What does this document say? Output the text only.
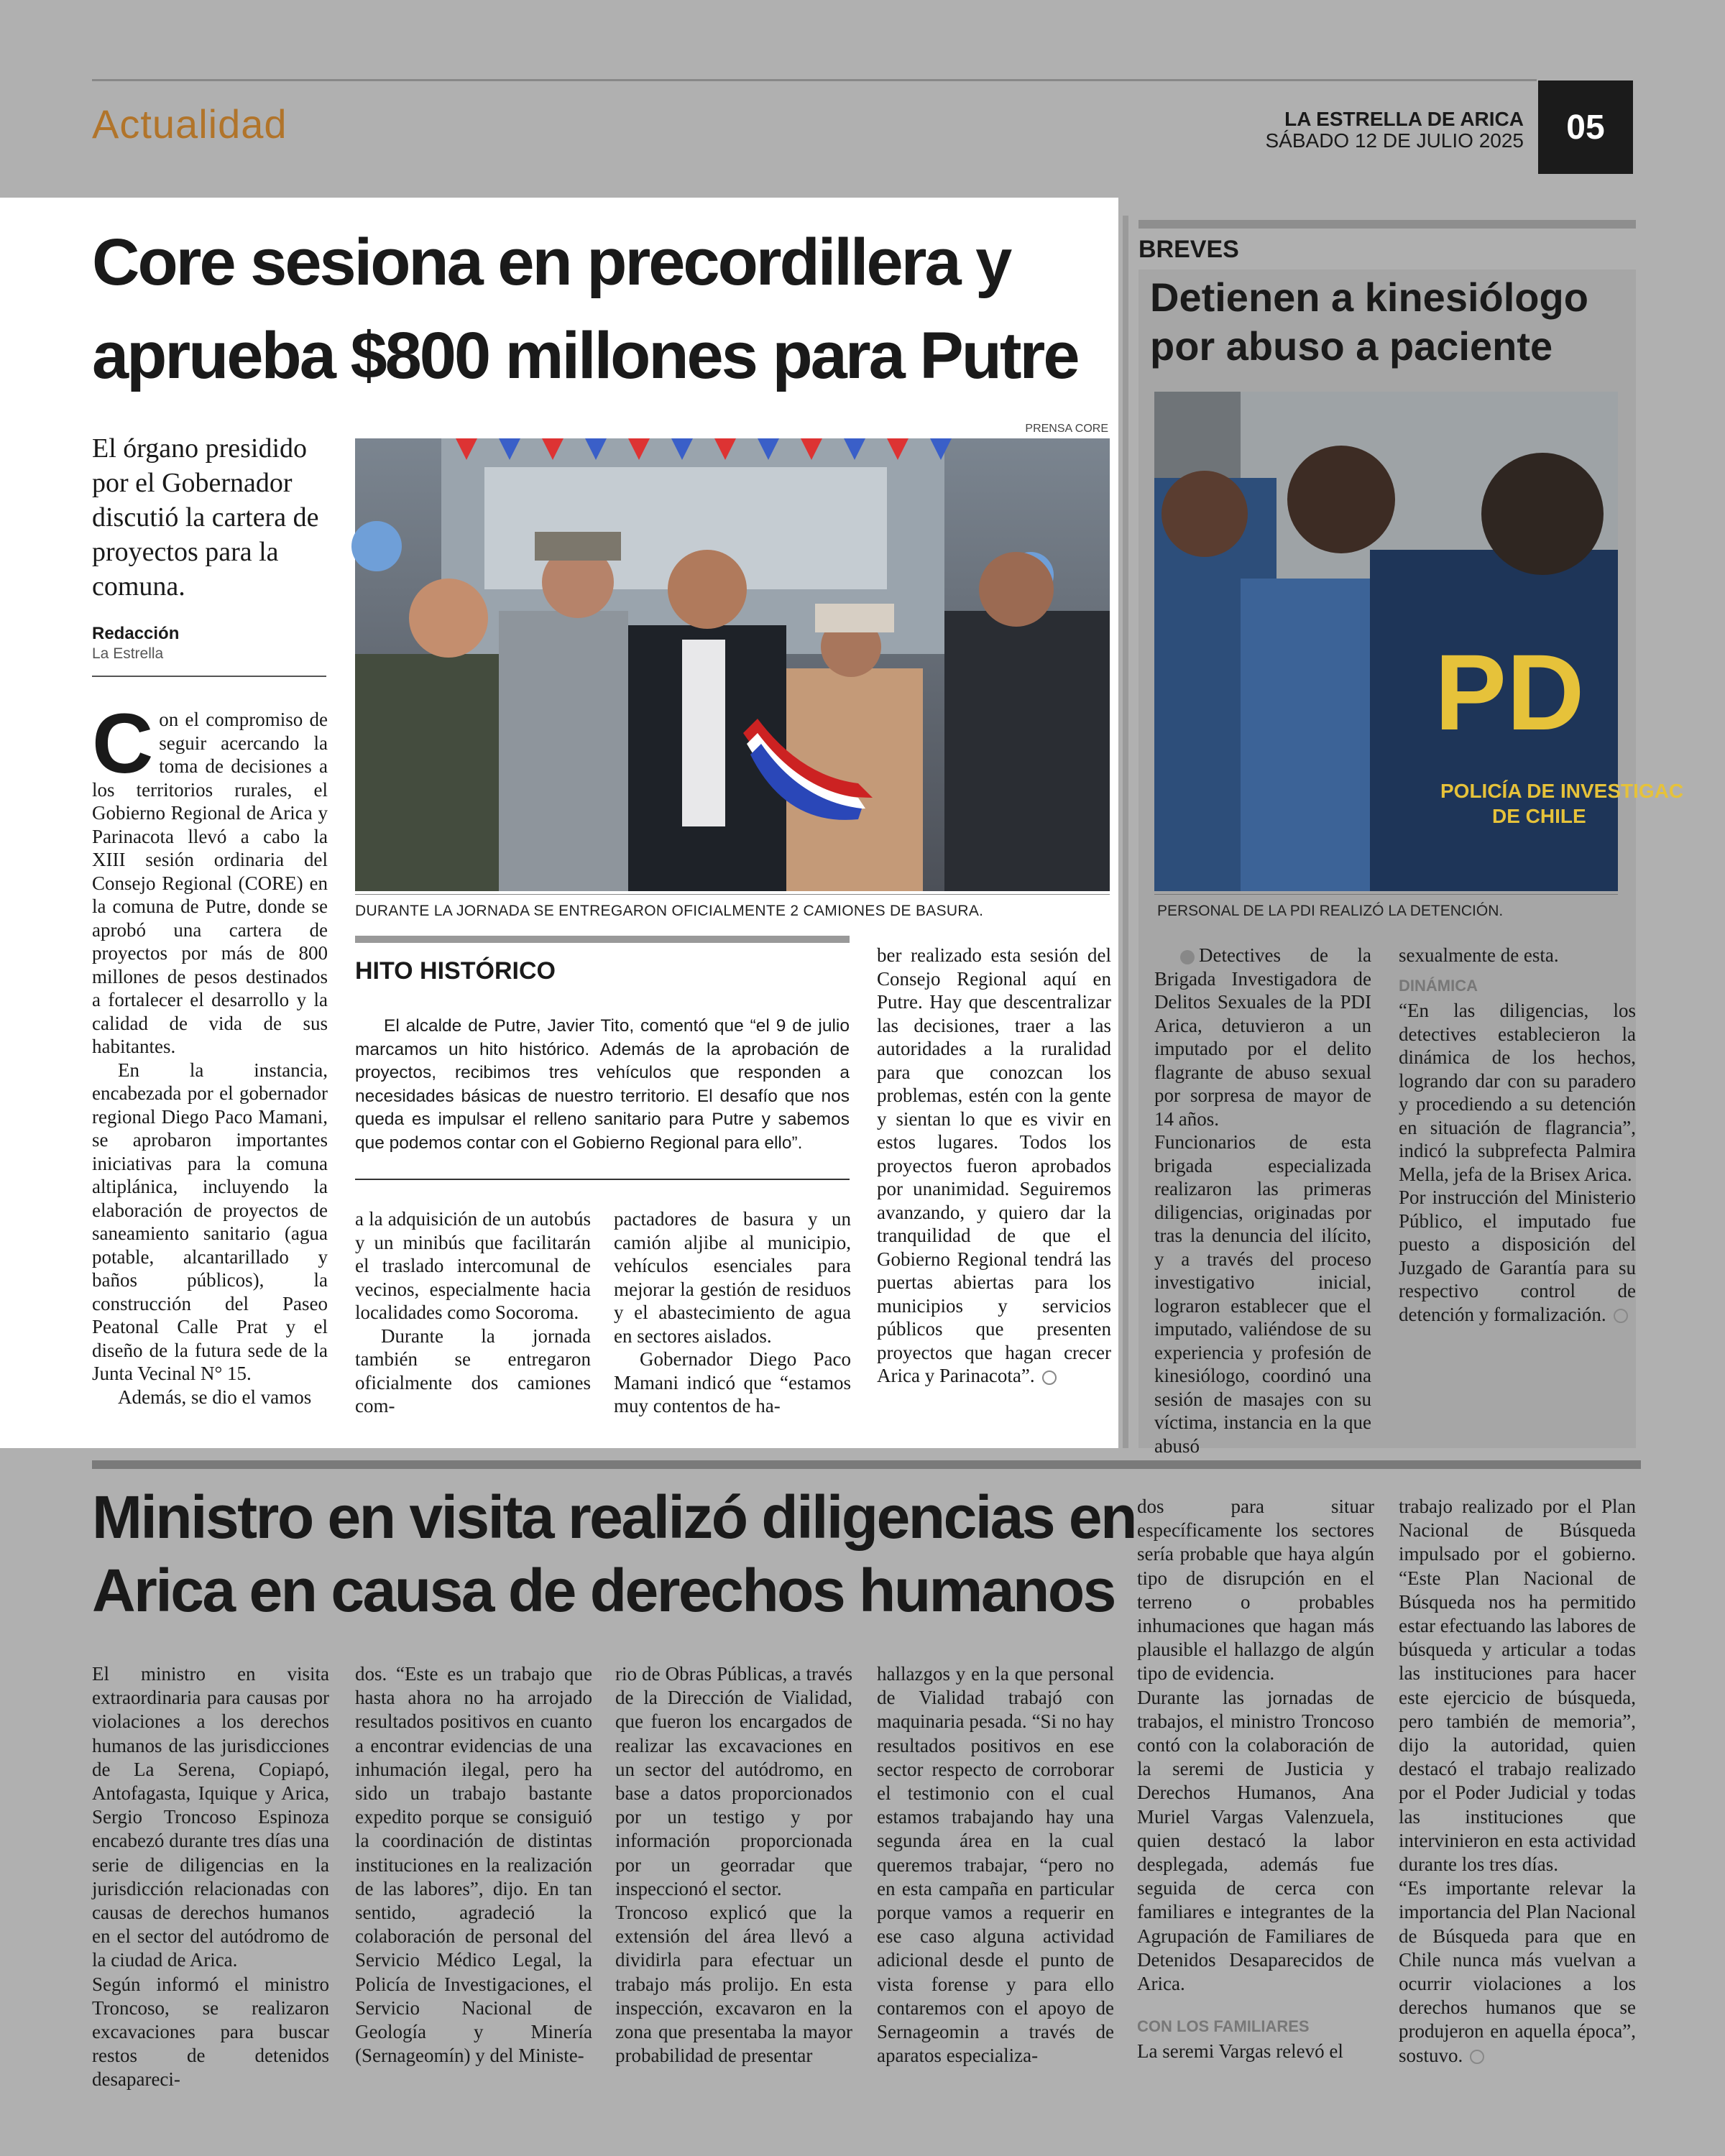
Actualidad	LA ESTRELLA DE ARICA
SÁBADO 12 DE JULIO 2025	05
Core sesiona en precordillera y
aprueba $800 millones para Putre
El órgano presidido por el Gobernador discutió la cartera de proyectos para la comuna.
Redacción
La Estrella
PRENSA CORE
DURANTE LA JORNADA SE ENTREGARON OFICIALMENTE 2 CAMIONES DE BASURA.

Con el compromiso de seguir acercando la toma de decisiones a los territorios rurales, el Gobierno Regional de Arica y Parinacota llevó a cabo la XIII sesión ordinaria del Consejo Regional (CORE) en la comuna de Putre, donde se aprobó una cartera de proyectos por más de 800 millones de pesos destinados a fortalecer el desarrollo y la calidad de vida de sus habitantes.

En la instancia, encabezada por el gobernador regional Diego Paco Mamani, se aprobaron importantes iniciativas para la comuna altiplánica, incluyendo la elaboración de proyectos de saneamiento sanitario (agua potable, alcantarillado y baños públicos), la construcción del Paseo Peatonal Calle Prat y el diseño de la futura sede de la Junta Vecinal N° 15.

Además, se dio el vamos

HITO HISTÓRICO

El alcalde de Putre, Javier Tito, comentó que “el 9 de julio marcamos un hito histórico. Además de la aprobación de proyectos, recibimos tres vehículos que responden a necesidades básicas de nuestro territorio. El desafío que nos queda es impulsar el relleno sanitario para Putre y sabemos que podemos contar con el Gobierno Regional para ello”.

a la adquisición de un autobús y un minibús que facilitarán el traslado intercomunal de vecinos, especialmente hacia localidades como Socoroma.

Durante la jornada también se entregaron oficialmente dos camiones com-

pactadores de basura y un camión aljibe al municipio, vehículos esenciales para mejorar la gestión de residuos y el abastecimiento de agua en sectores aislados.

Gobernador Diego Paco Mamani indicó que “estamos muy contentos de ha-

ber realizado esta sesión del Consejo Regional aquí en Putre. Hay que descentralizar las decisiones, traer a las autoridades a la ruralidad para que conozcan los problemas, estén con la gente y sientan lo que es vivir en estos lugares. Todos los proyectos fueron aprobados por unanimidad. Seguiremos avanzando, y quiero dar la tranquilidad de que el Gobierno Regional tendrá las puertas abiertas para los municipios y servicios públicos que presenten proyectos que hagan crecer Arica y Parinacota”.

BREVES
Detienen a kinesiólogo por abuso a paciente
PD
POLICÍA DE INVESTIGAC
DE CHILE
PERSONAL DE LA PDI REALIZÓ LA DETENCIÓN.

Detectives de la Brigada Investigadora de Delitos Sexuales de la PDI Arica, detuvieron a un imputado por el delito flagrante de abuso sexual por sorpresa de mayor de 14 años.

Funcionarios de esta brigada especializada realizaron las primeras diligencias, originadas por tras la denuncia del ilícito, y a través del proceso investigativo inicial, lograron establecer que el imputado, valiéndose de su experiencia y profesión de kinesiólogo, coordinó una sesión de masajes con su víctima, instancia en la que abusó

sexualmente de esta.

DINÁMICA

“En las diligencias, los detectives establecieron la dinámica de los hechos, logrando dar con su paradero y procediendo a su detención en situación de flagrancia”, indicó la subprefecta Palmira Mella, jefa de la Brisex Arica.

Por instrucción del Ministerio Público, el imputado fue puesto a disposición del Juzgado de Garantía para su respectivo control de detención y formalización.

Ministro en visita realizó diligencias en
Arica en causa de derechos humanos

El ministro en visita extraordinaria para causas por violaciones a los derechos humanos de las jurisdicciones de La Serena, Copiapó, Antofagasta, Iquique y Arica, Sergio Troncoso Espinoza encabezó durante tres días una serie de diligencias en la jurisdicción relacionadas con causas de derechos humanos en el sector del autódromo de la ciudad de Arica.

Según informó el ministro Troncoso, se realizaron excavaciones para buscar restos de detenidos desapareci-

dos. “Este es un trabajo que hasta ahora no ha arrojado resultados positivos en cuanto a encontrar evidencias de una inhumación ilegal, pero ha sido un trabajo bastante expedito porque se consiguió la coordinación de distintas instituciones en la realización de las labores”, dijo. En tan sentido, agradeció la colaboración de personal del Servicio Médico Legal, la Policía de Investigaciones, el Servicio Nacional de Geología y Minería (Sernageomín) y del Ministe-

rio de Obras Públicas, a través de la Dirección de Vialidad, que fueron los encargados de realizar las excavaciones en un sector del autódromo, en base a datos proporcionados por un testigo y por información proporcionada por un georradar que inspeccionó el sector.

Troncoso explicó que la extensión del área llevó a dividirla para efectuar un trabajo más prolijo. En esta inspección, excavaron en la zona que presentaba la mayor probabilidad de presentar

hallazgos y en la que personal de Vialidad trabajó con maquinaria pesada. “Si no hay resultados positivos en ese sector respecto de corroborar el testimonio con el cual estamos trabajando hay una segunda área en la cual queremos trabajar, “pero no en esta campaña en particular porque vamos a requerir en ese caso alguna actividad adicional desde el punto de vista forense y para ello contaremos con el apoyo de Sernageomin a través de aparatos especializa-

dos para situar específicamente los sectores sería probable que haya algún tipo de disrupción en el terreno o probables inhumaciones que hagan más plausible el hallazgo de algún tipo de evidencia.

Durante las jornadas de trabajos, el ministro Troncoso contó con la colaboración de la seremi de Justicia y Derechos Humanos, Ana Muriel Vargas Valenzuela, quien destacó la labor desplegada, además fue seguida de cerca con familiares e integrantes de la Agrupación de Familiares de Detenidos Desaparecidos de Arica.

CON LOS FAMILIARES

La seremi Vargas relevó el

trabajo realizado por el Plan Nacional de Búsqueda impulsado por el gobierno. “Este Plan Nacional de Búsqueda nos ha permitido estar efectuando las labores de búsqueda y articular a todas las instituciones para hacer este ejercicio de búsqueda, pero también de memoria”, dijo la autoridad, quien destacó el trabajo realizado por el Poder Judicial y todas las instituciones que intervinieron en esta actividad durante los tres días.

“Es importante relevar la importancia del Plan Nacional de Búsqueda para que en Chile nunca más vuelvan a ocurrir violaciones a los derechos humanos que se produjeron en aquella época”, sostuvo.
